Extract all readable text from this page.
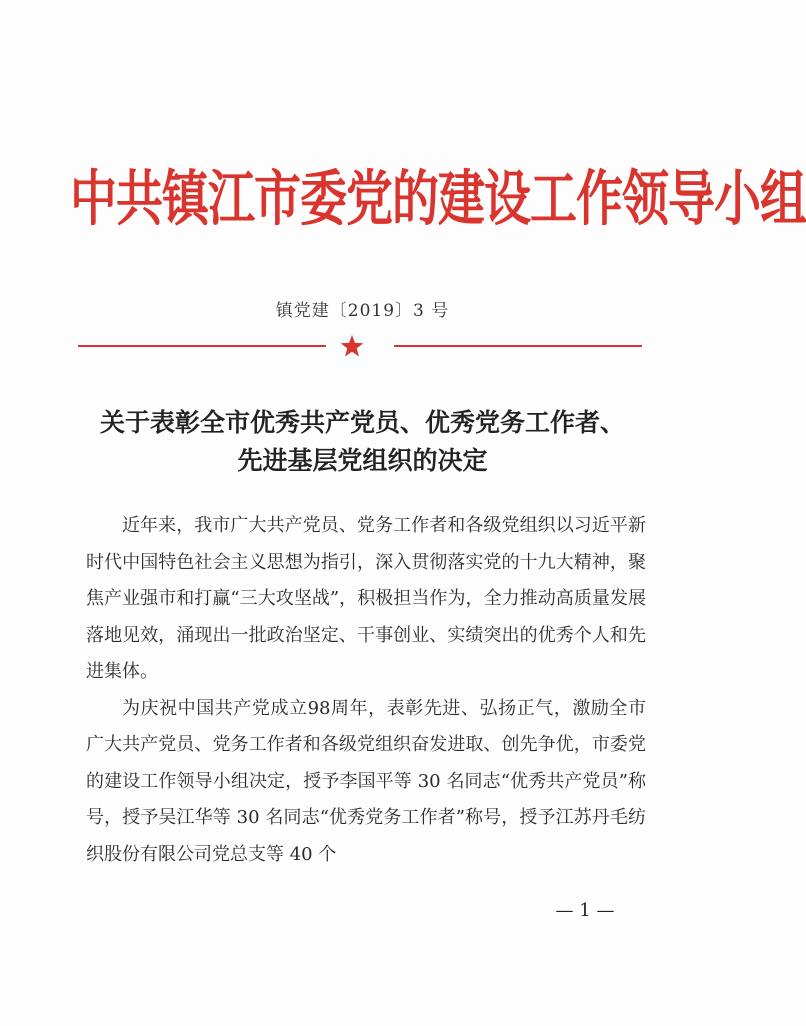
中共镇江市委党的建设工作领导小组
镇党建〔2019〕3 号
关于表彰全市优秀共产党员、优秀党务工作者、
先进基层党组织的决定

近年来，我市广大共产党员、党务工作者和各级党组织以习近平新时代中国特色社会主义思想为指引，深入贯彻落实党的十九大精神，聚焦产业强市和打赢“三大攻坚战”，积极担当作为，全力推动高质量发展落地见效，涌现出一批政治坚定、干事创业、实绩突出的优秀个人和先进集体。

为庆祝中国共产党成立98周年，表彰先进、弘扬正气，激励全市广大共产党员、党务工作者和各级党组织奋发进取、创先争优，市委党的建设工作领导小组决定，授予李国平等 30 名同志“优秀共产党员”称号，授予吴江华等 30 名同志“优秀党务工作者”称号，授予江苏丹毛纺织股份有限公司党总支等 40 个

— 1 —
